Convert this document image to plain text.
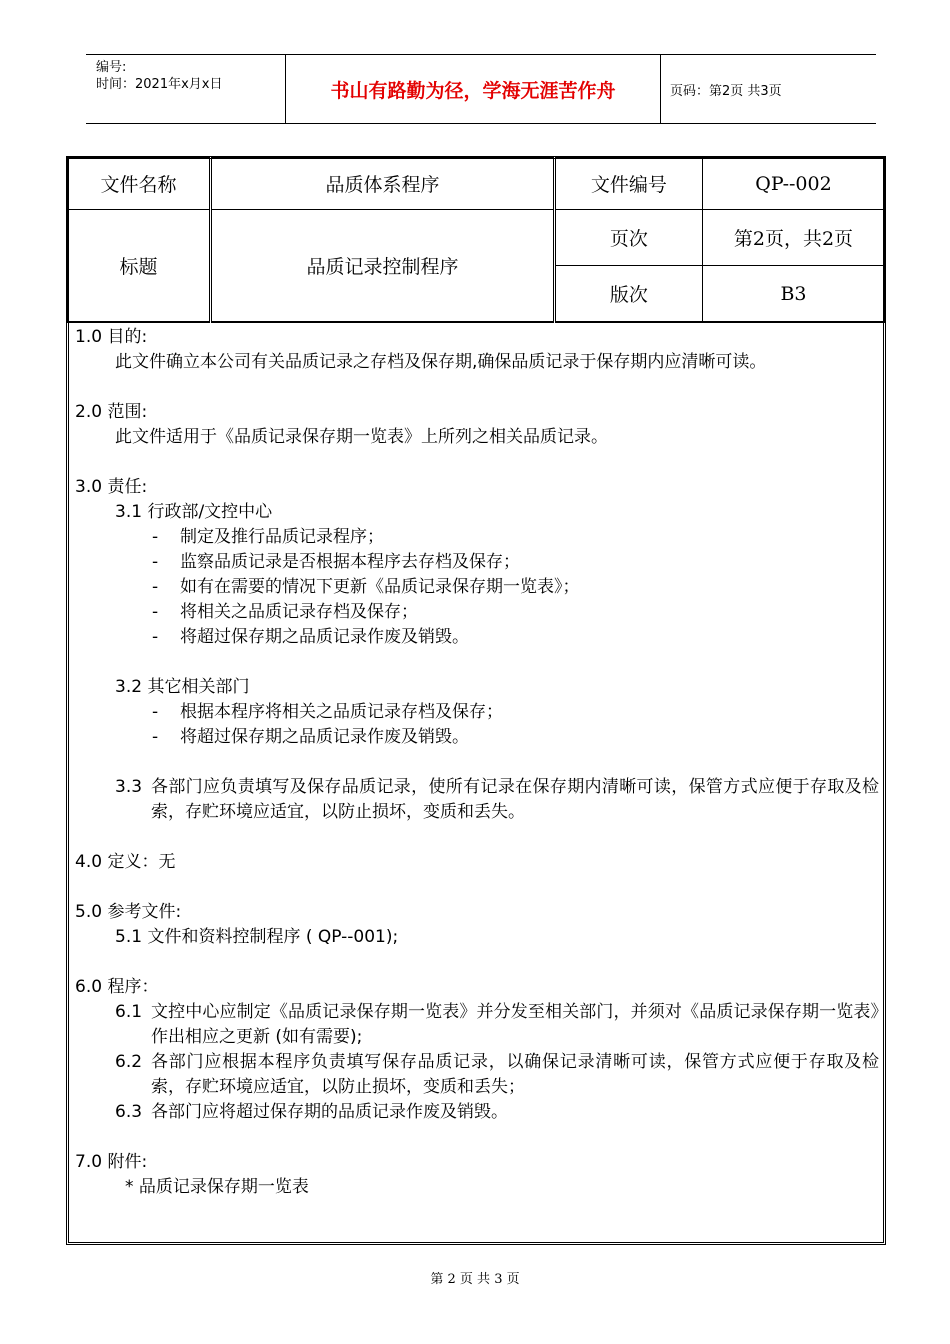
编号:
时间：2021年x月x日	书山有路勤为径，学海无涯苦作舟	页码：第2页 共3页
文件名称	品质体系程序	文件编号	QP--002
标题	品质记录控制程序	页次	第2页，共2页
		版次	B3
1.0 目的:
此文件确立本公司有关品质记录之存档及保存期,确保品质记录于保存期内应清晰可读。
2.0 范围:
此文件适用于《品质记录保存期一览表》上所列之相关品质记录。
3.0 责任:
3.1 行政部/文控中心
- 制定及推行品质记录程序；
- 监察品质记录是否根据本程序去存档及保存；
- 如有在需要的情况下更新《品质记录保存期一览表》；
- 将相关之品质记录存档及保存；
- 将超过保存期之品质记录作废及销毁。
3.2 其它相关部门
- 根据本程序将相关之品质记录存档及保存；
- 将超过保存期之品质记录作废及销毁。
3.3 各部门应负责填写及保存品质记录，使所有记录在保存期内清晰可读，保管方式应便于存取及检索，存贮环境应适宜，以防止损坏，变质和丢失。
4.0 定义：无
5.0 参考文件:
5.1 文件和资料控制程序 ( QP--001);
6.0 程序：
6.1 文控中心应制定《品质记录保存期一览表》并分发至相关部门，并须对《品质记录保存期一览表》作出相应之更新 (如有需要);
6.2 各部门应根据本程序负责填写保存品质记录，以确保记录清晰可读，保管方式应便于存取及检索，存贮环境应适宜，以防止损坏，变质和丢失；
6.3 各部门应将超过保存期的品质记录作废及销毁。
7.0 附件:
* 品质记录保存期一览表
第 2 页 共 3 页
